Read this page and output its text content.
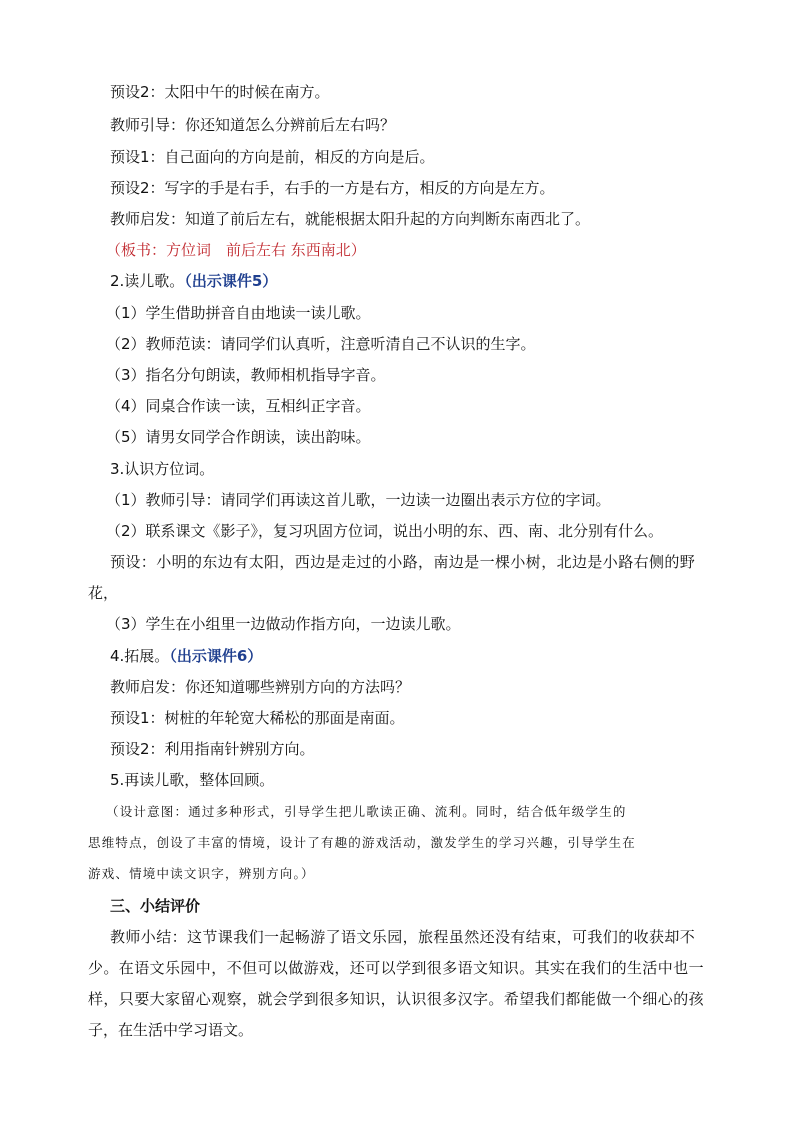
预设2：太阳中午的时候在南方。
教师引导：你还知道怎么分辨前后左右吗？
预设1：自己面向的方向是前，相反的方向是后。
预设2：写字的手是右手，右手的一方是右方，相反的方向是左方。
教师启发：知道了前后左右，就能根据太阳升起的方向判断东南西北了。
（板书：方位词　前后左右 东西南北）
2.读儿歌。（出示课件5）
（1）学生借助拼音自由地读一读儿歌。
（2）教师范读：请同学们认真听，注意听清自己不认识的生字。
（3）指名分句朗读，教师相机指导字音。
（4）同桌合作读一读，互相纠正字音。
（5）请男女同学合作朗读，读出韵味。
3.认识方位词。
（1）教师引导：请同学们再读这首儿歌，一边读一边圈出表示方位的字词。
（2）联系课文《影子》，复习巩固方位词，说出小明的东、西、南、北分别有什么。
预设：小明的东边有太阳，西边是走过的小路，南边是一棵小树，北边是小路右侧的野
花，
（3）学生在小组里一边做动作指方向，一边读儿歌。
4.拓展。（出示课件6）
教师启发：你还知道哪些辨别方向的方法吗？
预设1：树桩的年轮宽大稀松的那面是南面。
预设2：利用指南针辨别方向。
5.再读儿歌，整体回顾。
（设计意图：通过多种形式，引导学生把儿歌读正确、流利。同时，结合低年级学生的
思维特点，创设了丰富的情境，设计了有趣的游戏活动，激发学生的学习兴趣，引导学生在
游戏、情境中读文识字，辨别方向。）
三、小结评价
教师小结：这节课我们一起畅游了语文乐园，旅程虽然还没有结束，可我们的收获却不
少。在语文乐园中，不但可以做游戏，还可以学到很多语文知识。其实在我们的生活中也一
样，只要大家留心观察，就会学到很多知识，认识很多汉字。希望我们都能做一个细心的孩
子，在生活中学习语文。
